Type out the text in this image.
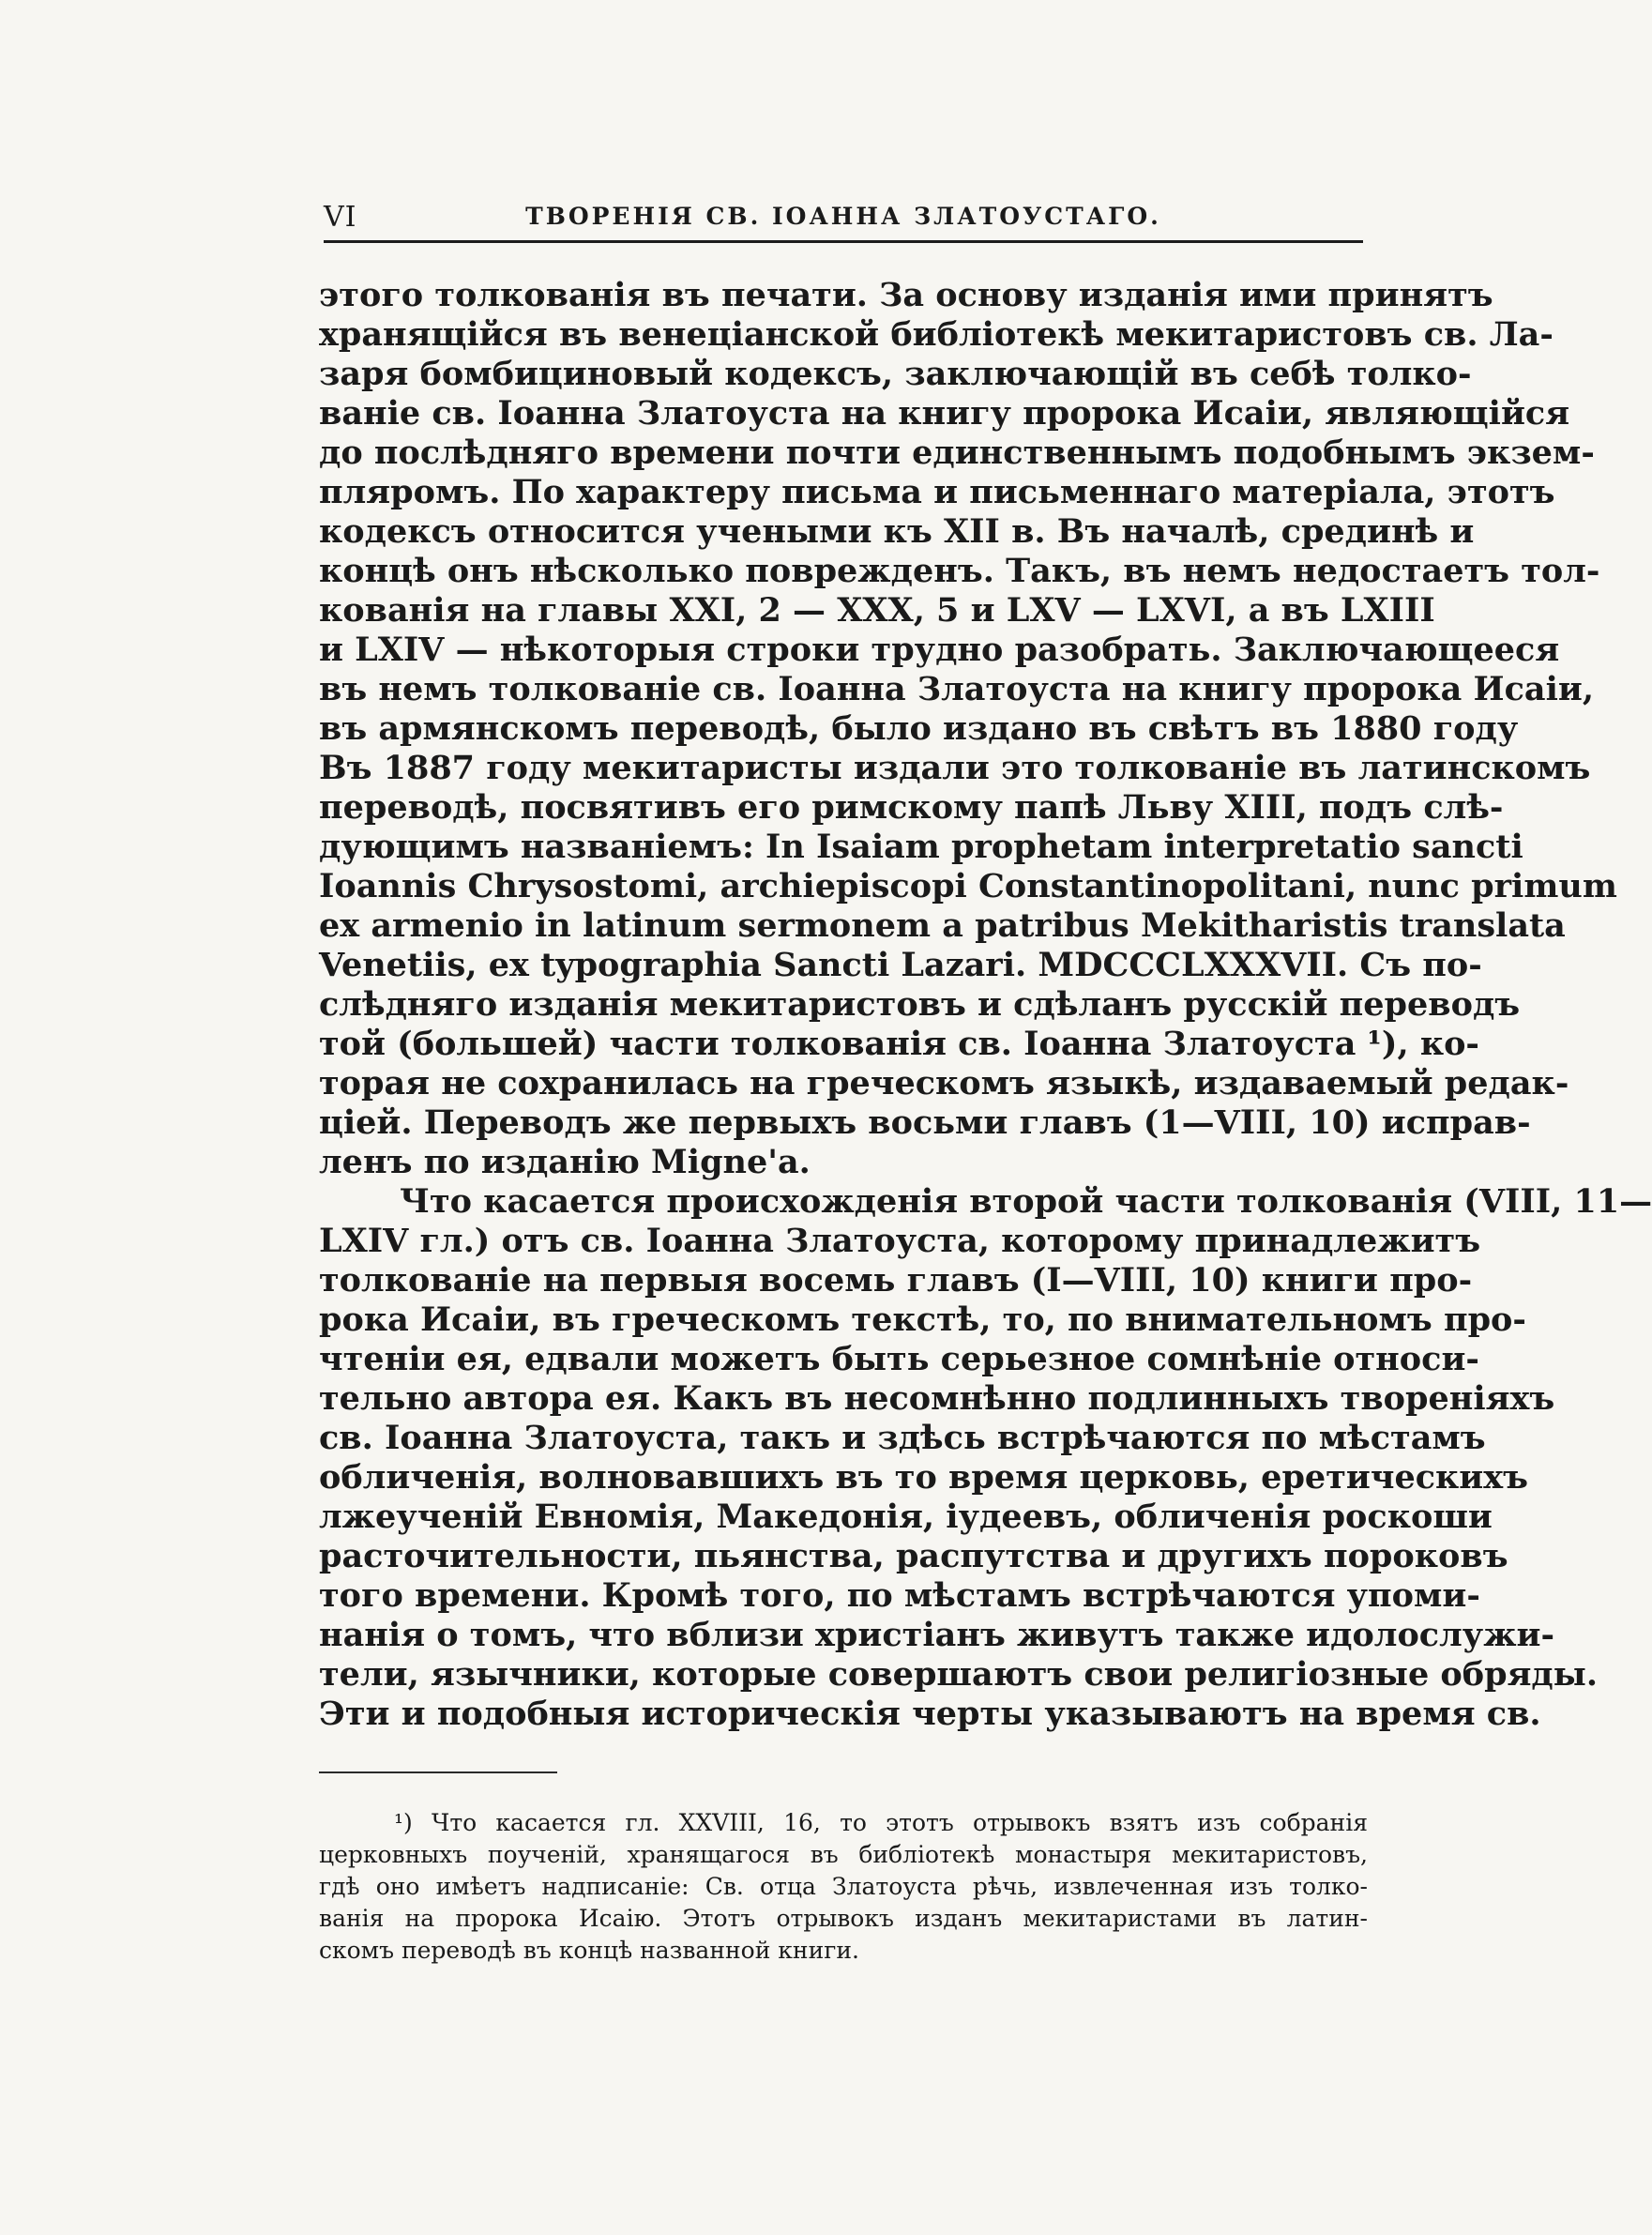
VI	ТВОРЕНІЯ СВ. ІОАННА ЗЛАТОУСТАГО.
этого толкованія въ печати. За основу изданія ими принятъ
хранящійся въ венеціанской библіотекѣ мекитаристовъ св. Ла-
заря бомбициновый кодексъ, заключающій въ себѣ толко-
ваніе св. Іоанна Златоуста на книгу пророка Исаіи, являющійся
до послѣдняго времени почти единственнымъ подобнымъ экзем-
пляромъ. По характеру письма и письменнаго матеріала, этотъ
кодексъ относится учеными къ XII в. Въ началѣ, срединѣ и
концѣ онъ нѣсколько поврежденъ. Такъ, въ немъ недостаетъ тол-
кованія на главы XXI, 2 — XXX, 5 и LXV — LXVI, а въ LXIII
и LXIV — нѣкоторыя строки трудно разобрать. Заключающееся
въ немъ толкованіе св. Іоанна Златоуста на книгу пророка Исаіи,
въ армянскомъ переводѣ, было издано въ свѣтъ въ 1880 году
Въ 1887 году мекитаристы издали это толкованіе въ латинскомъ
переводѣ, посвятивъ его римскому папѣ Льву XIII, подъ слѣ-
дующимъ названіемъ: In Isaiam prophetam interpretatio sancti
Ioannis Chrysostomi, archiepiscopi Constantinopolitani, nunc primum
ex armenio in latinum sermonem a patribus Mekitharistis translata
Venetiis, ex typographia Sancti Lazari. MDCCCLXXXVII. Съ по-
слѣдняго изданія мекитаристовъ и сдѣланъ русскій переводъ
той (большей) части толкованія св. Іоанна Златоуста ¹), ко-
торая не сохранилась на греческомъ языкѣ, издаваемый редак-
ціей. Переводъ же первыхъ восьми главъ (1—VIII, 10) исправ-
ленъ по изданію Migne'a.
Что касается происхожденія второй части толкованія (VIII, 11—
LXIV гл.) отъ св. Іоанна Златоуста, которому принадлежитъ
толкованіе на первыя восемь главъ (I—VIII, 10) книги про-
рока Исаіи, въ греческомъ текстѣ, то, по внимательномъ про-
чтеніи ея, едвали можетъ быть серьезное сомнѣніе относи-
тельно автора ея. Какъ въ несомнѣнно подлинныхъ твореніяхъ
св. Іоанна Златоуста, такъ и здѣсь встрѣчаются по мѣстамъ
обличенія, волновавшихъ въ то время церковь, еретическихъ
лжеученій Евномія, Македонія, іудеевъ, обличенія роскоши
расточительности, пьянства, распутства и другихъ пороковъ
того времени. Кромѣ того, по мѣстамъ встрѣчаются упоми-
нанія о томъ, что вблизи христіанъ живутъ также идолослужи-
тели, язычники, которые совершаютъ свои религіозные обряды.
Эти и подобныя историческія черты указываютъ на время св.
¹) Что касается гл. XXVIII, 16, то этотъ отрывокъ взятъ изъ собранія
церковныхъ поученій, хранящагося въ библіотекѣ монастыря мекитаристовъ,
гдѣ оно имѣетъ надписаніе: Св. отца Златоуста рѣчь, извлеченная изъ толко-
ванія на пророка Исаію. Этотъ отрывокъ изданъ мекитаристами въ латин-
скомъ переводѣ въ концѣ названной книги.
